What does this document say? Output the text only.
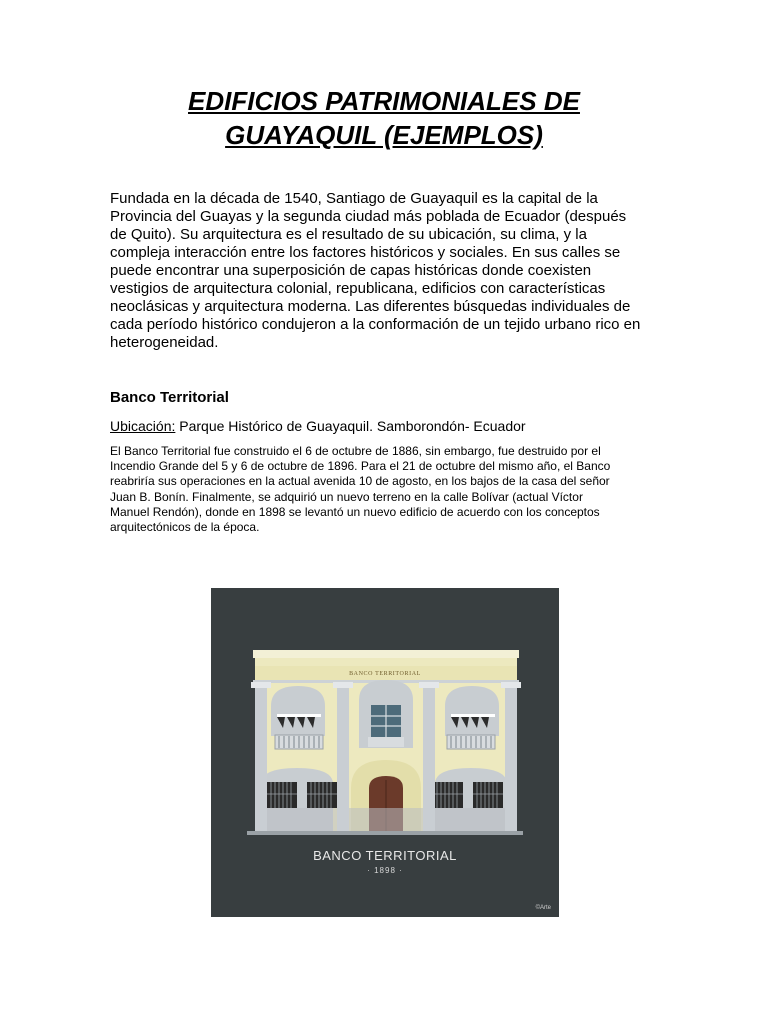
EDIFICIOS PATRIMONIALES DE
GUAYAQUIL (EJEMPLOS)

Fundada en la década de 1540, Santiago de Guayaquil es la capital de la
Provincia del Guayas y la segunda ciudad más poblada de Ecuador (después
de Quito). Su arquitectura es el resultado de su ubicación, su clima, y la
compleja interacción entre los factores históricos y sociales. En sus calles se
puede encontrar una superposición de capas históricas donde coexisten
vestigios de arquitectura colonial, republicana, edificios con características
neoclásicas y arquitectura moderna. Las diferentes búsquedas individuales de
cada período histórico condujeron a la conformación de un tejido urbano rico en
heterogeneidad.

Banco Territorial
Ubicación: Parque Histórico de Guayaquil. Samborondón- Ecuador

El Banco Territorial fue construido el 6 de octubre de 1886, sin embargo, fue destruido por el
Incendio Grande del 5 y 6 de octubre de 1896. Para el 21 de octubre del mismo año, el Banco
reabriría sus operaciones en la actual avenida 10 de agosto, en los bajos de la casa del señor
Juan B. Bonín. Finalmente, se adquirió un nuevo terreno en la calle Bolívar (actual Víctor
Manuel Rendón), donde en 1898 se levantó un nuevo edificio de acuerdo con los conceptos
arquitectónicos de la época.

BANCO TERRITORIAL
BANCO TERRITORIAL
· 1898 ·
©Arte
